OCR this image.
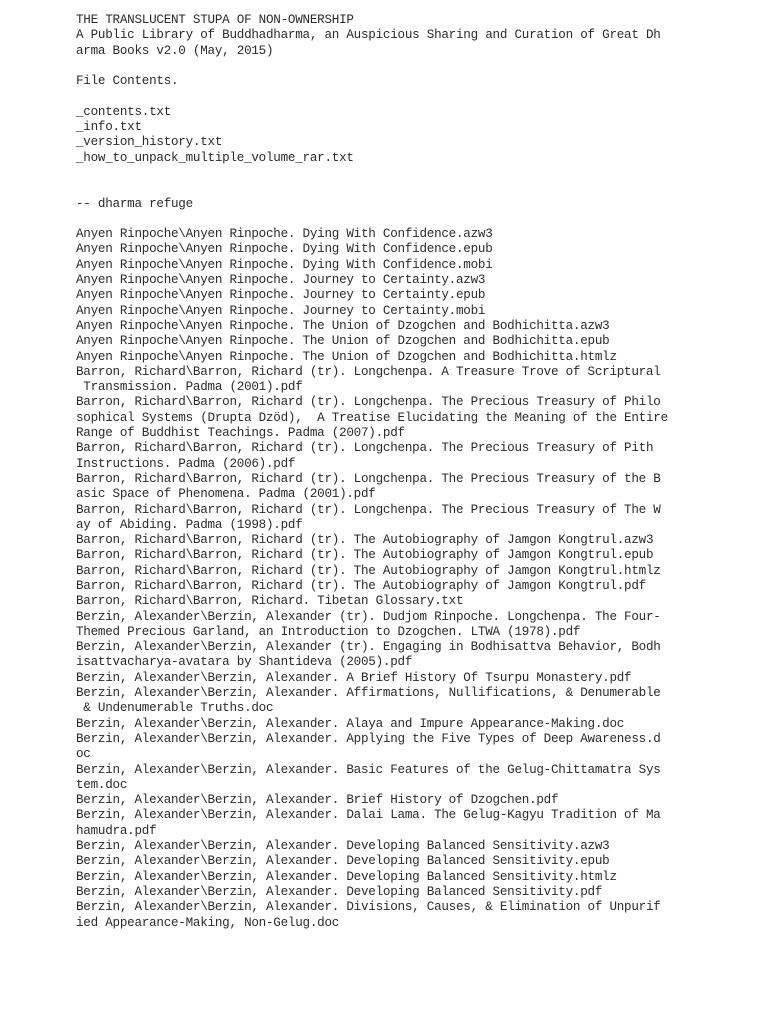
THE TRANSLUCENT STUPA OF NON-OWNERSHIP
A Public Library of Buddhadharma, an Auspicious Sharing and Curation of Great Dh
arma Books v2.0 (May, 2015)
File Contents.
_contents.txt
_info.txt
_version_history.txt
_how_to_unpack_multiple_volume_rar.txt
-- dharma refuge
Anyen Rinpoche\Anyen Rinpoche. Dying With Confidence.azw3
Anyen Rinpoche\Anyen Rinpoche. Dying With Confidence.epub
Anyen Rinpoche\Anyen Rinpoche. Dying With Confidence.mobi
Anyen Rinpoche\Anyen Rinpoche. Journey to Certainty.azw3
Anyen Rinpoche\Anyen Rinpoche. Journey to Certainty.epub
Anyen Rinpoche\Anyen Rinpoche. Journey to Certainty.mobi
Anyen Rinpoche\Anyen Rinpoche. The Union of Dzogchen and Bodhichitta.azw3
Anyen Rinpoche\Anyen Rinpoche. The Union of Dzogchen and Bodhichitta.epub
Anyen Rinpoche\Anyen Rinpoche. The Union of Dzogchen and Bodhichitta.htmlz
Barron, Richard\Barron, Richard (tr). Longchenpa. A Treasure Trove of Scriptural
Transmission. Padma (2001).pdf
Barron, Richard\Barron, Richard (tr). Longchenpa. The Precious Treasury of Philo
sophical Systems (Drupta Dzöd),  A Treatise Elucidating the Meaning of the Entire
Range of Buddhist Teachings. Padma (2007).pdf
Barron, Richard\Barron, Richard (tr). Longchenpa. The Precious Treasury of Pith
Instructions. Padma (2006).pdf
Barron, Richard\Barron, Richard (tr). Longchenpa. The Precious Treasury of the B
asic Space of Phenomena. Padma (2001).pdf
Barron, Richard\Barron, Richard (tr). Longchenpa. The Precious Treasury of The W
ay of Abiding. Padma (1998).pdf
Barron, Richard\Barron, Richard (tr). The Autobiography of Jamgon Kongtrul.azw3
Barron, Richard\Barron, Richard (tr). The Autobiography of Jamgon Kongtrul.epub
Barron, Richard\Barron, Richard (tr). The Autobiography of Jamgon Kongtrul.htmlz
Barron, Richard\Barron, Richard (tr). The Autobiography of Jamgon Kongtrul.pdf
Barron, Richard\Barron, Richard. Tibetan Glossary.txt
Berzin, Alexander\Berzin, Alexander (tr). Dudjom Rinpoche. Longchenpa. The Four-
Themed Precious Garland, an Introduction to Dzogchen. LTWA (1978).pdf
Berzin, Alexander\Berzin, Alexander (tr). Engaging in Bodhisattva Behavior, Bodh
isattvacharya-avatara by Shantideva (2005).pdf
Berzin, Alexander\Berzin, Alexander. A Brief History Of Tsurpu Monastery.pdf
Berzin, Alexander\Berzin, Alexander. Affirmations, Nullifications, & Denumerable
& Undenumerable Truths.doc
Berzin, Alexander\Berzin, Alexander. Alaya and Impure Appearance-Making.doc
Berzin, Alexander\Berzin, Alexander. Applying the Five Types of Deep Awareness.d
oc
Berzin, Alexander\Berzin, Alexander. Basic Features of the Gelug-Chittamatra Sys
tem.doc
Berzin, Alexander\Berzin, Alexander. Brief History of Dzogchen.pdf
Berzin, Alexander\Berzin, Alexander. Dalai Lama. The Gelug-Kagyu Tradition of Ma
hamudra.pdf
Berzin, Alexander\Berzin, Alexander. Developing Balanced Sensitivity.azw3
Berzin, Alexander\Berzin, Alexander. Developing Balanced Sensitivity.epub
Berzin, Alexander\Berzin, Alexander. Developing Balanced Sensitivity.htmlz
Berzin, Alexander\Berzin, Alexander. Developing Balanced Sensitivity.pdf
Berzin, Alexander\Berzin, Alexander. Divisions, Causes, & Elimination of Unpurif
ied Appearance-Making, Non-Gelug.doc
